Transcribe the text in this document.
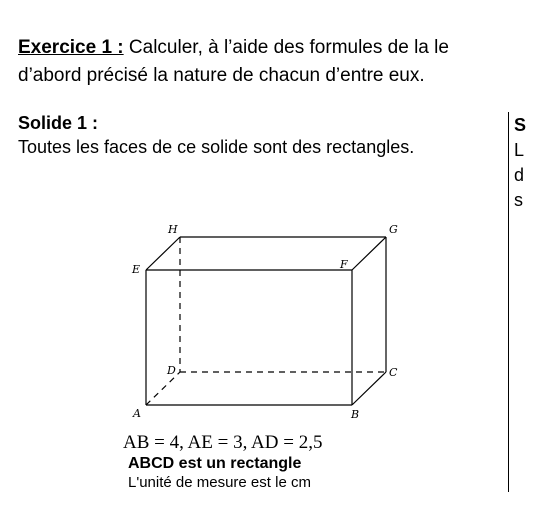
Exercice 1 : Calculer, à l’aide des formules de la le
d’abord précisé la nature de chacun d’entre eux.
Solide 1 :
Toutes les faces de ce solide sont des rectangles.
H	G
E	F
D	C
A	B
AB = 4, AE = 3, AD = 2,5
ABCD est un rectangle
L'unité de mesure est le cm
S
L
d
s
